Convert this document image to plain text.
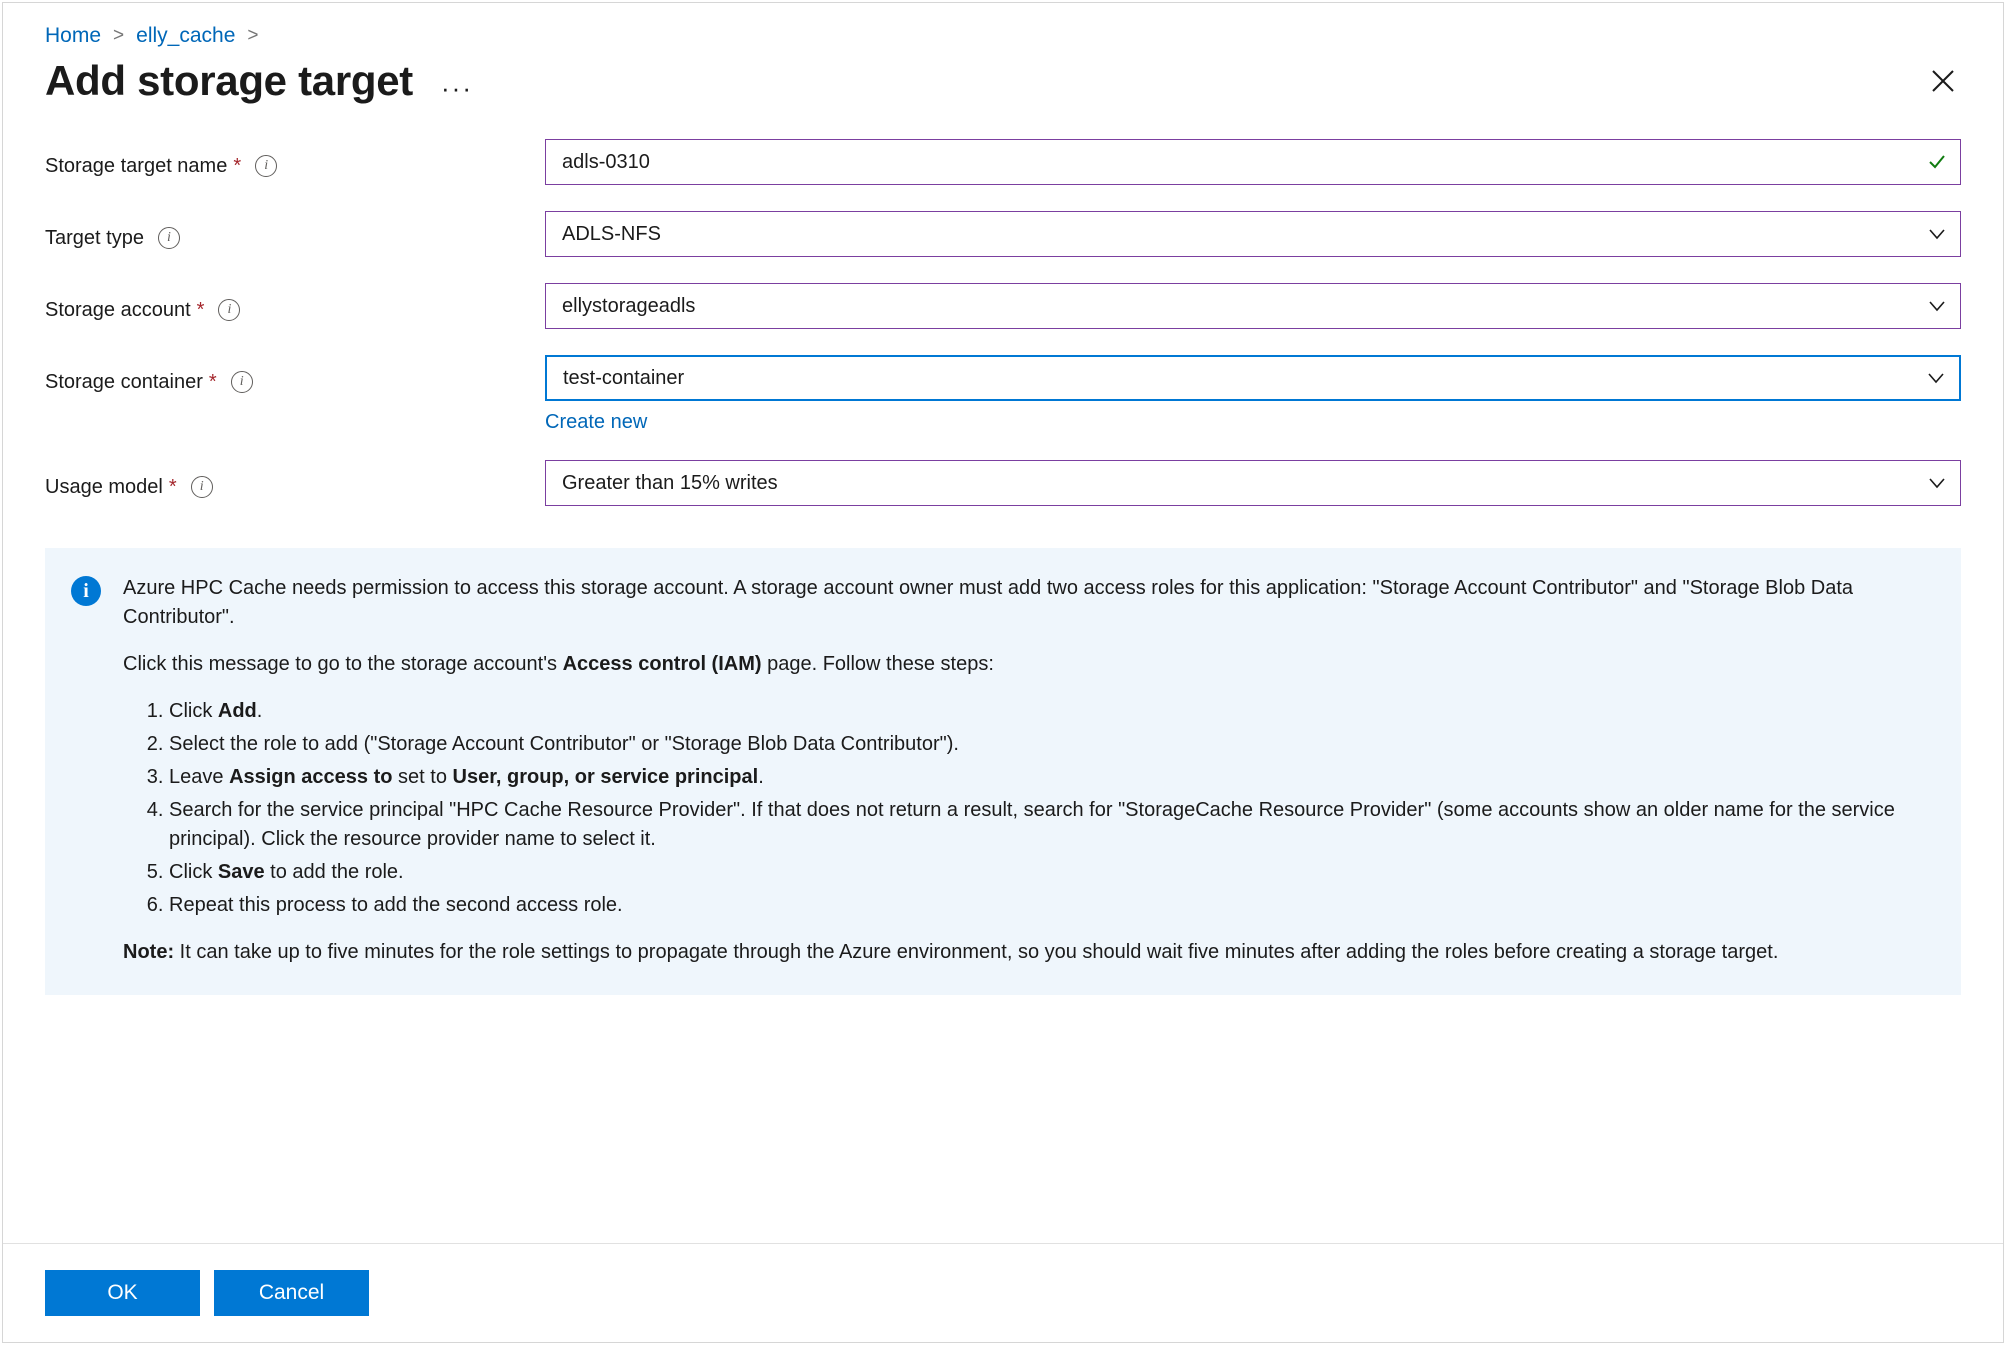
Home > elly_cache >
Add storage target ···
Storage target name *	i	adls-0310
Target type	i	ADLS-NFS
Storage account *	i	ellystorageadls
Storage container *	i	test-container
Create new
Usage model *	i	Greater than 15% writes
i	Azure HPC Cache needs permission to access this storage account. A storage account owner must add two access roles for this application: "Storage Account Contributor" and "Storage Blob Data Contributor".

Click this message to go to the storage account's Access control (IAM) page. Follow these steps:

1. Click Add.
2. Select the role to add ("Storage Account Contributor" or "Storage Blob Data Contributor").
3. Leave Assign access to set to User, group, or service principal.
4. Search for the service principal "HPC Cache Resource Provider". If that does not return a result, search for "StorageCache Resource Provider" (some accounts show an older name for the service principal). Click the resource provider name to select it.
5. Click Save to add the role.
6. Repeat this process to add the second access role.

Note: It can take up to five minutes for the role settings to propagate through the Azure environment, so you should wait five minutes after adding the roles before creating a storage target.

OK	Cancel
